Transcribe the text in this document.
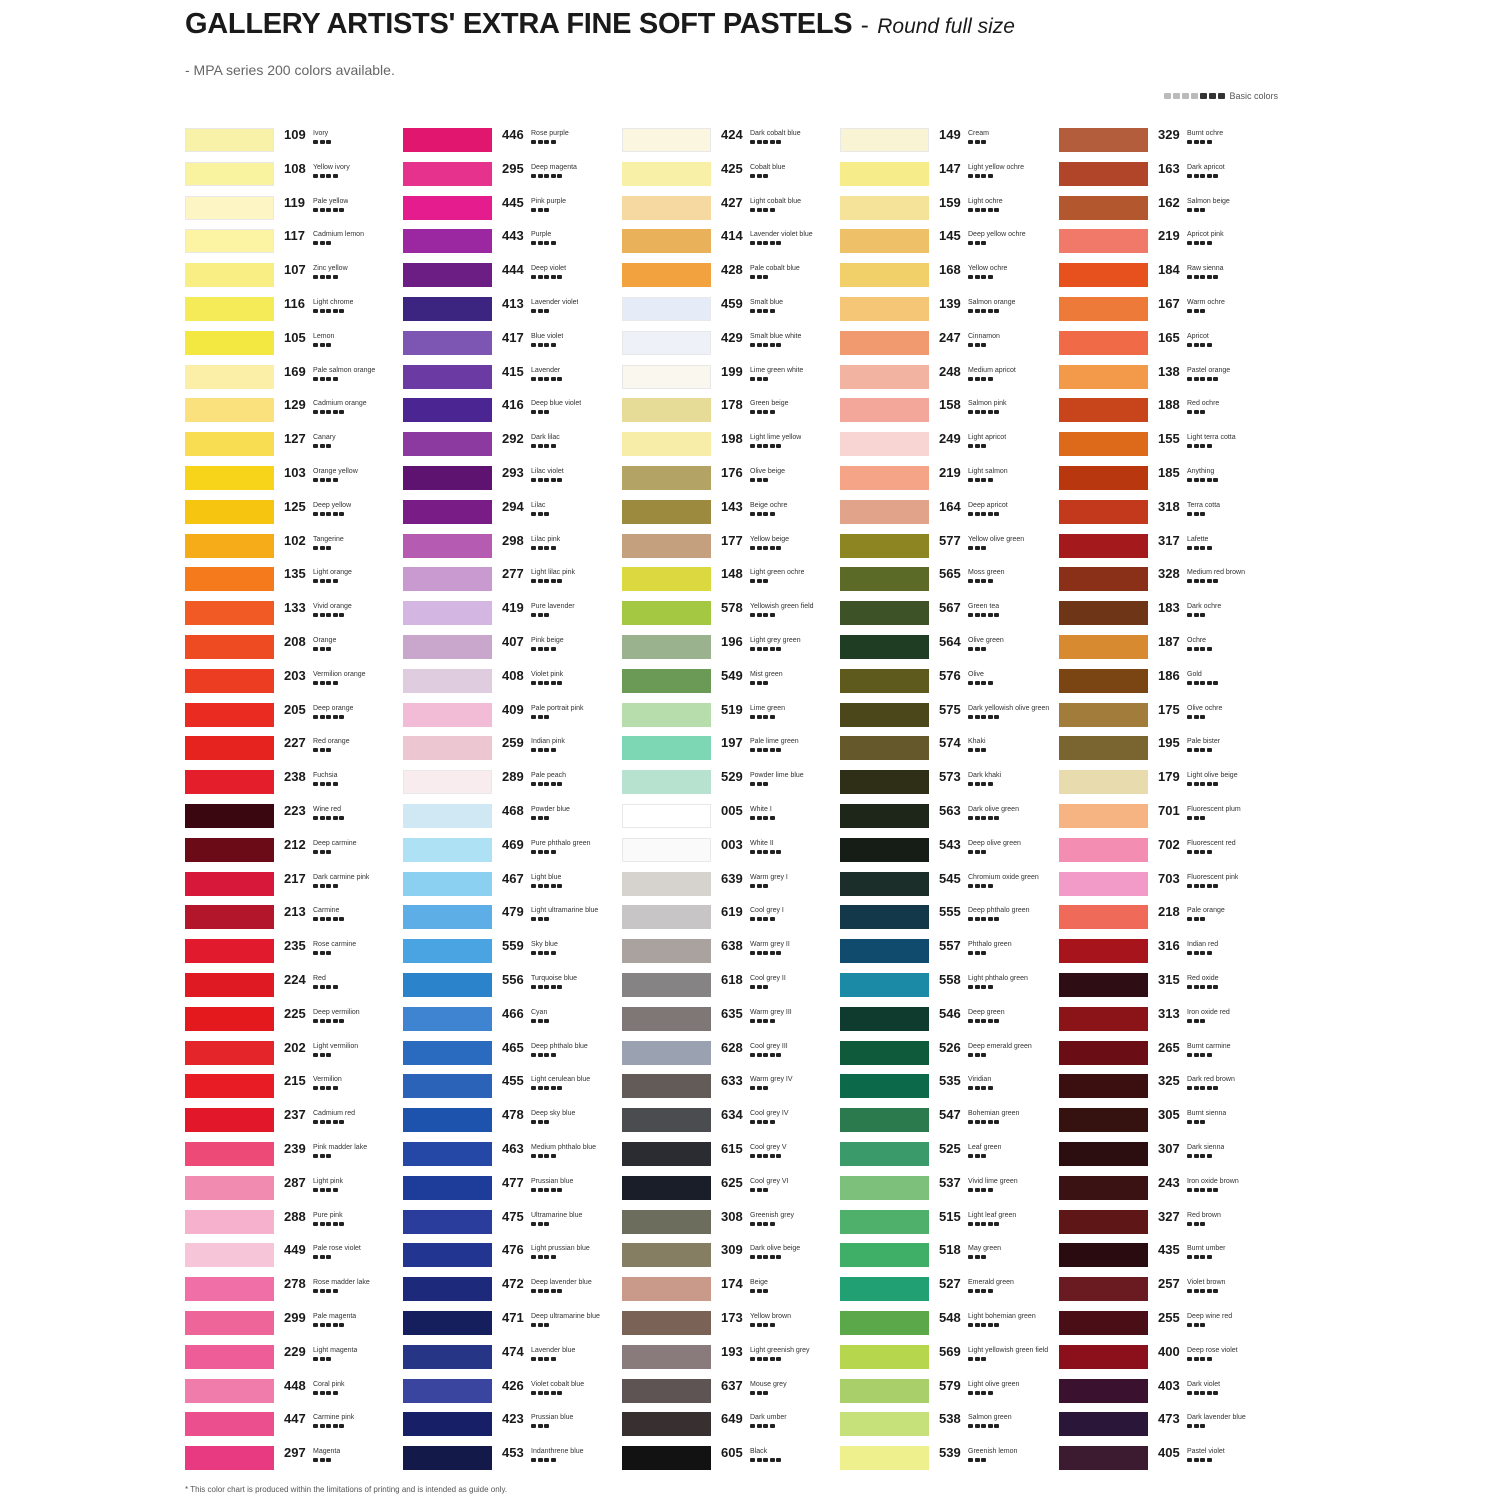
GALLERY ARTISTS' EXTRA FINE SOFT PASTELS - Round full size
- MPA series 200 colors available.
Basic colors
109 Ivory
108 Yellow ivory
119 Pale yellow
117 Cadmium lemon
107 Zinc yellow
116 Light chrome
105 Lemon
169 Pale salmon orange
129 Cadmium orange
127 Canary
103 Orange yellow
125 Deep yellow
102 Tangerine
135 Light orange
133 Vivid orange
208 Orange
203 Vermilion orange
205 Deep orange
227 Red orange
238 Fuchsia
223 Wine red
212 Deep carmine
217 Dark carmine pink
213 Carmine
235 Rose carmine
224 Red
225 Deep vermilion
202 Light vermilion
215 Vermilion
237 Cadmium red
239 Pink madder lake
287 Light pink
288 Pure pink
449 Pale rose violet
278 Rose madder lake
299 Pale magenta
229 Light magenta
448 Coral pink
447 Carmine pink
297 Magenta
446 Rose purple
295 Deep magenta
445 Pink purple
443 Purple
444 Deep violet
413 Lavender violet
417 Blue violet
415 Lavender
416 Deep blue violet
292 Dark lilac
293 Lilac violet
294 Lilac
298 Lilac pink
277 Light lilac pink
419 Pure lavender
407 Pink beige
408 Violet pink
409 Pale portrait pink
259 Indian pink
289 Pale peach
468 Powder blue
469 Pure phthalo green
467 Light blue
479 Light ultramarine blue
559 Sky blue
556 Turquoise blue
466 Cyan
465 Deep phthalo blue
455 Light cerulean blue
478 Deep sky blue
463 Medium phthalo blue
477 Prussian blue
475 Ultramarine blue
476 Light prussian blue
472 Deep lavender blue
471 Deep ultramarine blue
474 Lavender blue
426 Violet cobalt blue
423 Prussian blue
453 Indanthrene blue
424 Dark cobalt blue
425 Cobalt blue
427 Light cobalt blue
414 Lavender violet blue
428 Pale cobalt blue
459 Smalt blue
429 Smalt blue white
199 Lime green white
178 Green beige
198 Light lime yellow
176 Olive beige
143 Beige ochre
177 Yellow beige
148 Light green ochre
578 Yellowish green field
196 Light grey green
549 Mist green
519 Lime green
197 Pale lime green
529 Powder lime blue
005 White I
003 White II
639 Warm grey I
619 Cool grey I
638 Warm grey II
618 Cool grey II
635 Warm grey III
628 Cool grey III
633 Warm grey IV
634 Cool grey IV
615 Cool grey V
625 Cool grey VI
308 Greenish grey
309 Dark olive beige
174 Beige
173 Yellow brown
193 Light greenish grey
637 Mouse grey
649 Dark umber
605 Black
149 Cream
147 Light yellow ochre
159 Light ochre
145 Deep yellow ochre
168 Yellow ochre
139 Salmon orange
247 Cinnamon
248 Medium apricot
158 Salmon pink
249 Light apricot
219 Light salmon
164 Deep apricot
577 Yellow olive green
565 Moss green
567 Green tea
564 Olive green
576 Olive
575 Dark yellowish olive green
574 Khaki
573 Dark khaki
563 Dark olive green
543 Deep olive green
545 Chromium oxide green
555 Deep phthalo green
557 Phthalo green
558 Light phthalo green
546 Deep green
526 Deep emerald green
535 Viridian
547 Bohemian green
525 Leaf green
537 Vivid lime green
515 Light leaf green
518 May green
527 Emerald green
548 Light bohemian green
569 Light yellowish green field
579 Light olive green
538 Salmon green
539 Greenish lemon
329 Burnt ochre
163 Dark apricot
162 Salmon beige
219 Apricot pink
184 Raw sienna
167 Warm ochre
165 Apricot
138 Pastel orange
188 Red ochre
155 Light terra cotta
185 Anything
318 Terra cotta
317 Lafette
328 Medium red brown
183 Dark ochre
187 Ochre
186 Gold
175 Olive ochre
195 Pale bister
179 Light olive beige
701 Fluorescent plum
702 Fluorescent red
703 Fluorescent pink
218 Pale orange
316 Indian red
315 Red oxide
313 Iron oxide red
265 Burnt carmine
325 Dark red brown
305 Burnt sienna
307 Dark sienna
243 Iron oxide brown
327 Red brown
435 Burnt umber
257 Violet brown
255 Deep wine red
400 Deep rose violet
403 Dark violet
473 Dark lavender blue
405 Pastel violet
* This color chart is produced within the limitations of printing and is intended as guide only.
